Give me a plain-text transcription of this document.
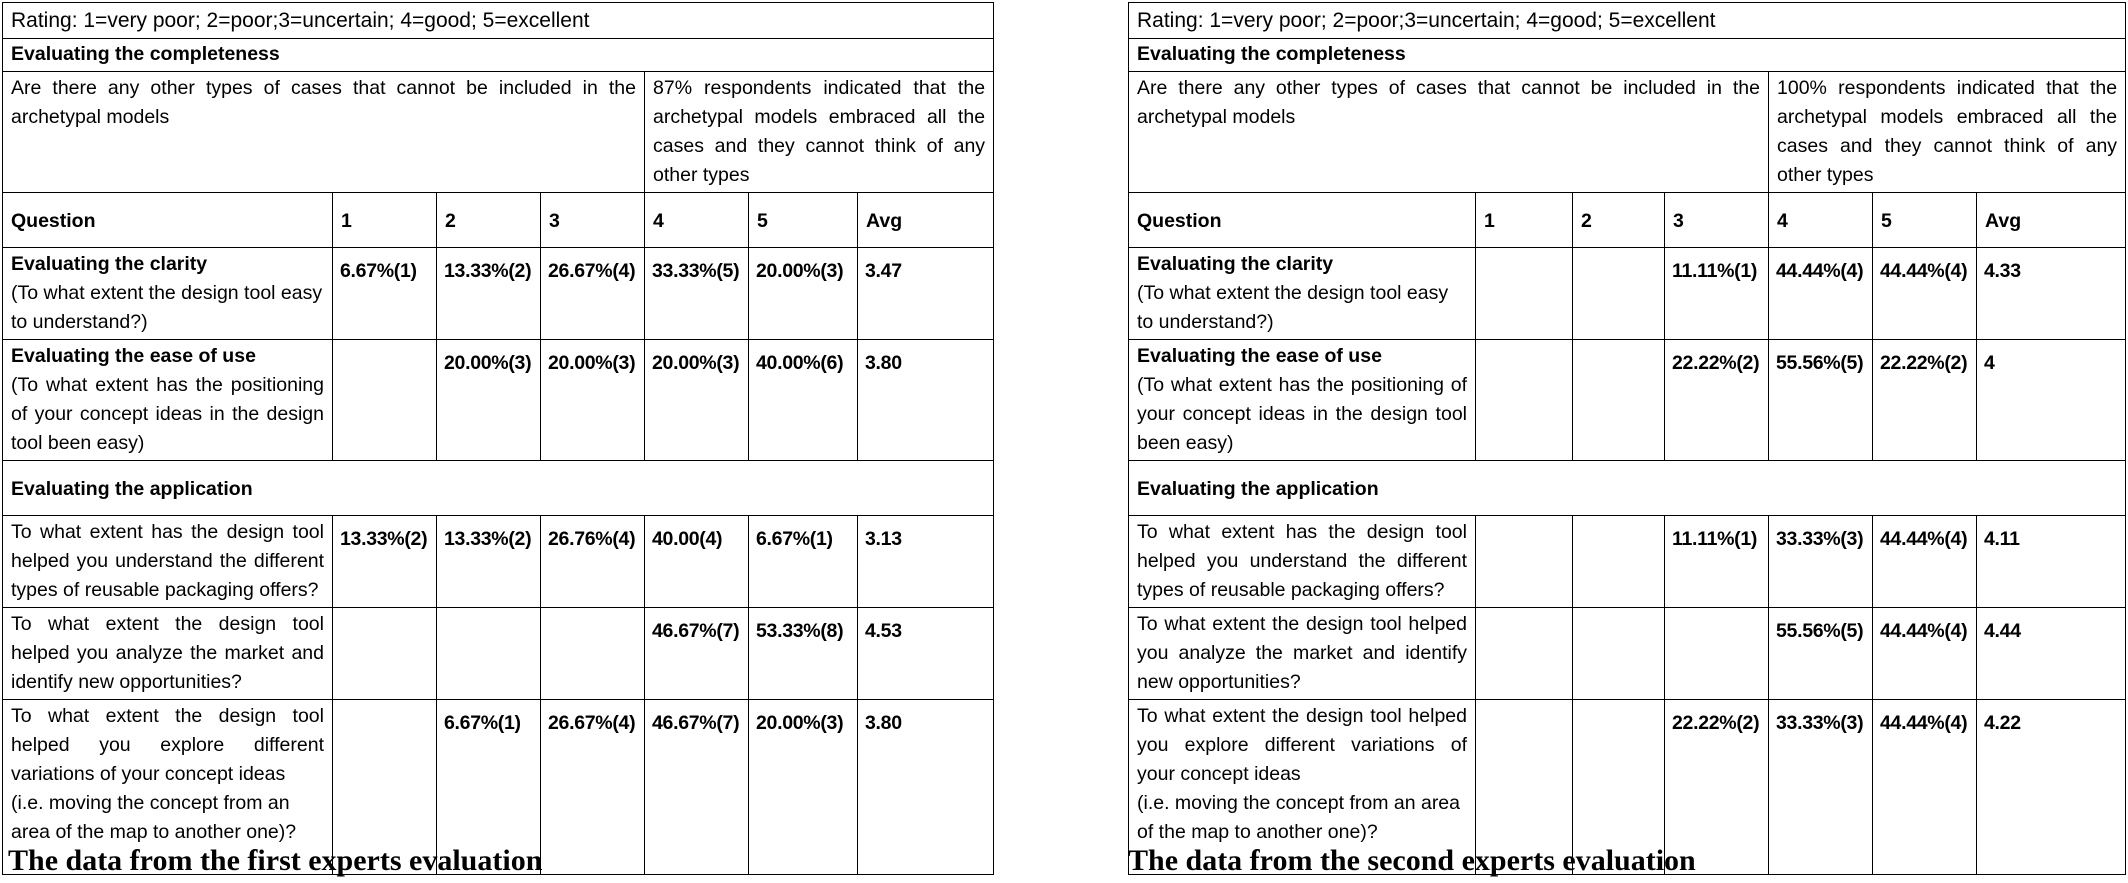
Rating: 1=very poor; 2=poor;3=uncertain; 4=good; 5=excellent						
Evaluating the completeness						
Are there any other types of cases that cannot be included in the archetypal models				87% respondents indicated that the archetypal models embraced all the cases and they cannot think of any other types		
Question	1	2	3	4	5	Avg

Evaluating the clarity
(To what extent the design tool easy to understand?)	6.67%(1)	13.33%(2)	26.67%(4)	33.33%(5)	20.00%(3)	3.47

Evaluating the ease of use
(To what extent has the positioning of your concept ideas in the design tool been easy)		20.00%(3)	20.00%(3)	20.00%(3)	40.00%(6)	3.80
Evaluating the application						
To what extent has the design tool helped you understand the different types of reusable packaging offers?	13.33%(2)	13.33%(2)	26.76%(4)	40.00(4)	6.67%(1)	3.13
To what extent the design tool helped you analyze the market and identify new opportunities?				46.67%(7)	53.33%(8)	4.53

To what extent the design tool helped you explore different variations of your concept ideas
(i.e. moving the concept from an area of the map to another one)?		6.67%(1)	26.67%(4)	46.67%(7)	20.00%(3)	3.80
The data from the first experts evaluation
Rating: 1=very poor; 2=poor;3=uncertain; 4=good; 5=excellent						
Evaluating the completeness						
Are there any other types of cases that cannot be included in the archetypal models				100% respondents indicated that the archetypal models embraced all the cases and they cannot think of any other types		
Question	1	2	3	4	5	Avg

Evaluating the clarity
(To what extent the design tool easy to understand?)			11.11%(1)	44.44%(4)	44.44%(4)	4.33

Evaluating the ease of use
(To what extent has the positioning of your concept ideas in the design tool been easy)			22.22%(2)	55.56%(5)	22.22%(2)	4
Evaluating the application						
To what extent has the design tool helped you understand the different types of reusable packaging offers?			11.11%(1)	33.33%(3)	44.44%(4)	4.11
To what extent the design tool helped you analyze the market and identify new opportunities?				55.56%(5)	44.44%(4)	4.44

To what extent the design tool helped you explore different variations of your concept ideas
(i.e. moving the concept from an area of the map to another one)?			22.22%(2)	33.33%(3)	44.44%(4)	4.22
The data from the second experts evaluation
